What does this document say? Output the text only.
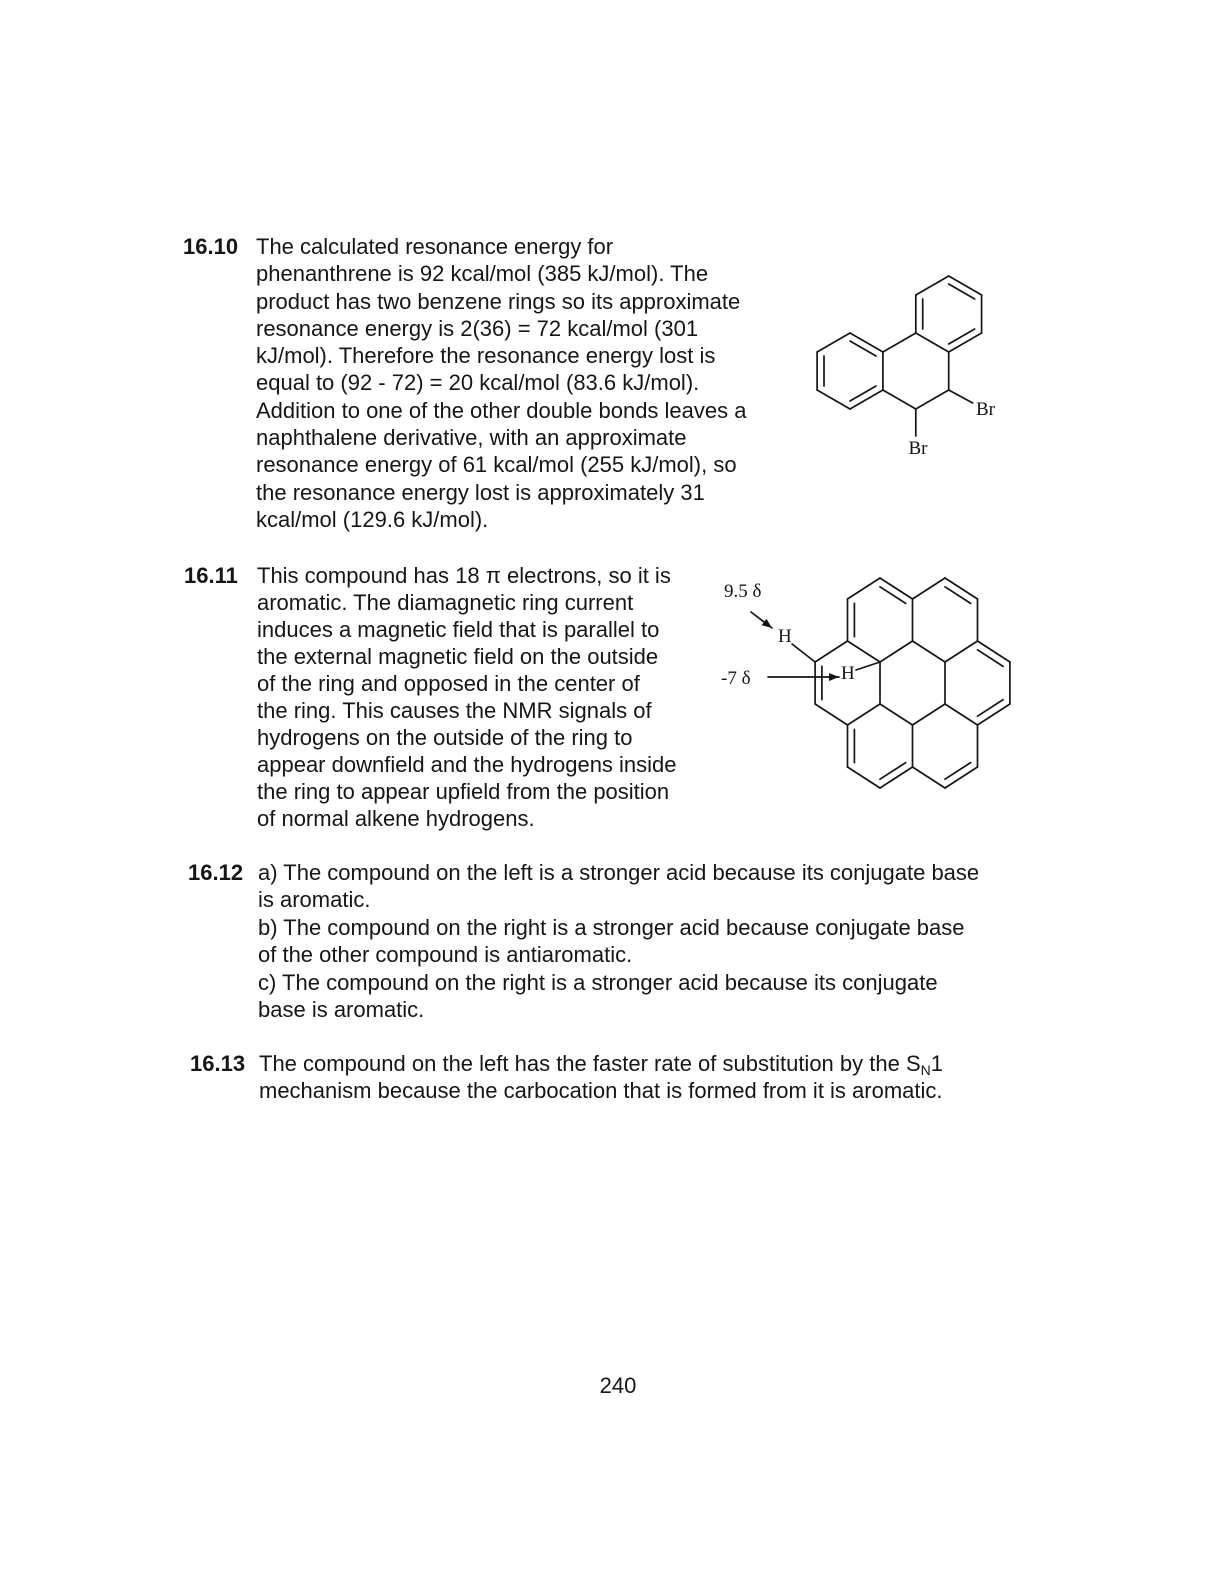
16.10 The calculated resonance energy for
phenanthrene is 92 kcal/mol (385 kJ/mol). The
product has two benzene rings so its approximate
resonance energy is 2(36) = 72 kcal/mol (301
kJ/mol). Therefore the resonance energy lost is
equal to (92 - 72) = 20 kcal/mol (83.6 kJ/mol).
Addition to one of the other double bonds leaves a
naphthalene derivative, with an approximate
resonance energy of 61 kcal/mol (255 kJ/mol), so
the resonance energy lost is approximately 31
kcal/mol (129.6 kJ/mol).
Br
Br
16.11 This compound has 18 π electrons, so it is
aromatic. The diamagnetic ring current
induces a magnetic field that is parallel to
the external magnetic field on the outside
of the ring and opposed in the center of
the ring. This causes the NMR signals of
hydrogens on the outside of the ring to
appear downfield and the hydrogens inside
the ring to appear upfield from the position
of normal alkene hydrogens.
9.5 δ
-7 δ
H
H
16.12 a) The compound on the left is a stronger acid because its conjugate base
is aromatic.
b) The compound on the right is a stronger acid because conjugate base
of the other compound is antiaromatic.
c) The compound on the right is a stronger acid because its conjugate
base is aromatic.
16.13 The compound on the left has the faster rate of substitution by the $S_N1$
mechanism because the carbocation that is formed from it is aromatic.
240
